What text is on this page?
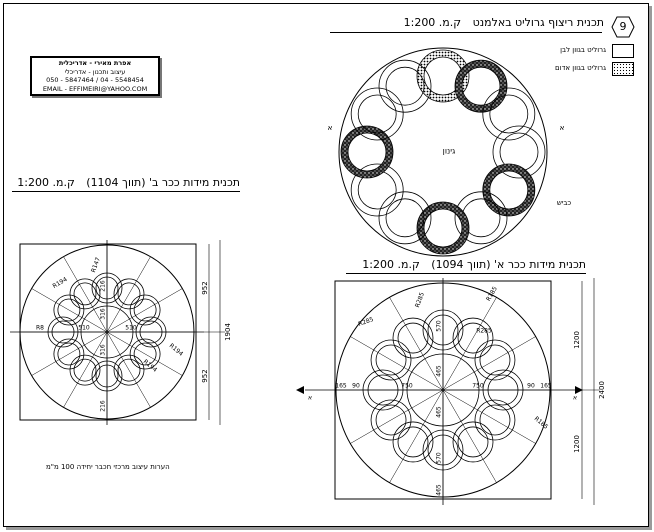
9
תכנית ריצוף גרוליט באלמנט ק.מ. 1:200
גרוליט בגוון לבן
גרוליט בגוון אדום
אפרת מאירי - אדריכלית
עיצוב ותכנון - אדריכלי
050 - 5847464 / 04 - 5548454
EMAIL - EFFIMEIRI@YAHOO.COM
תכנית מידות ככר ב' (תווך 1104) ק.מ. 1:200
תכנית מידות ככר א' (תווך 1094) ק.מ. 1:200
הערות עיצוב מרכזי חכבר יחידה 100 מ"מ
גינון
א	א
כביש
R194
R147
R194
R194
510	510
316
316
216
216
R8
952
952
1904
R285
R285	R185
R285
R185
750	750
465
465
570
570
465
165 90	90 165
1200
1200
2400
א	א
